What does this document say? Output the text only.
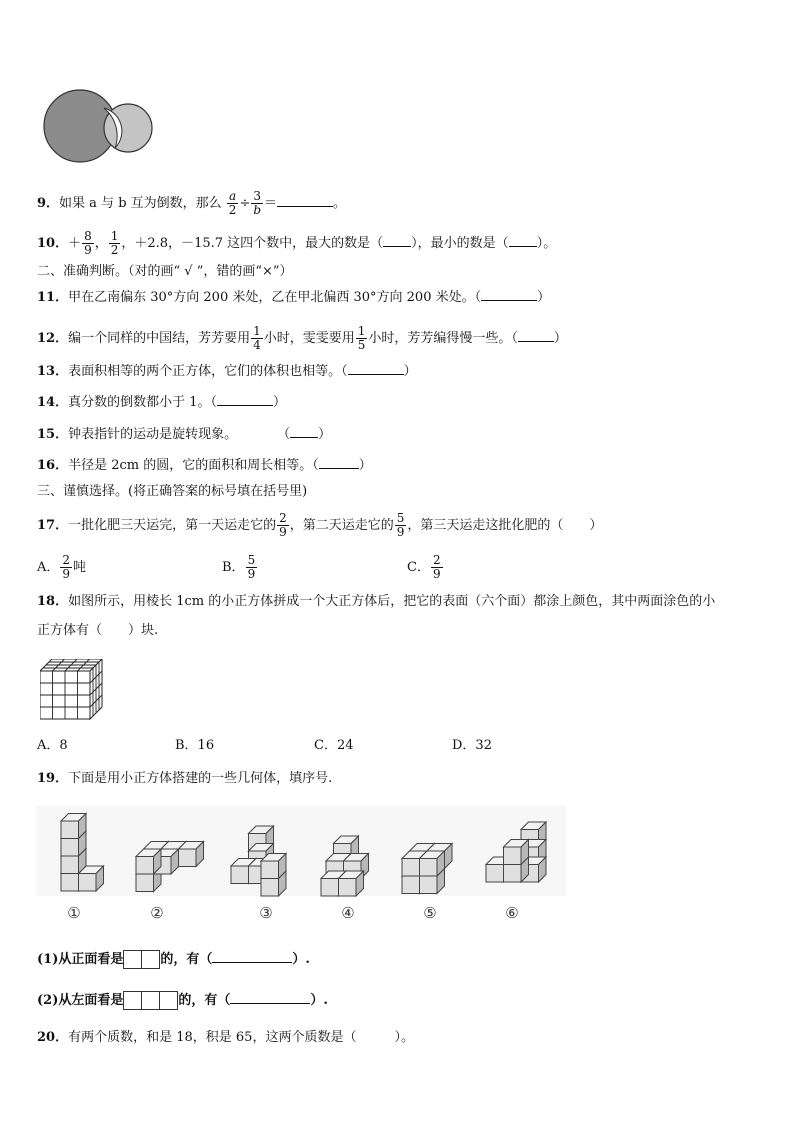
9．如果 a 与 b 互为倒数，那么 $\frac{a}{2} \div \frac{3}{b}$ ＝	。
10．＋ $\frac{8}{9}$ ， $\frac{1}{2}$ ，＋2.8，－15.7 这四个数中，最大的数是（ ），最小的数是（ ）。
二、准确判断。（对的画“ √ ”，错的画“×”）
11．甲在乙南偏东 30°方向 200 米处，乙在甲北偏西 30°方向 200 米处。（	）
12．编一个同样的中国结，芳芳要用 $\frac{1}{4}$ 小时，雯雯要用 $\frac{1}{5}$ 小时，芳芳编得慢一些。（	）
13．表面积相等的两个正方体，它们的体积也相等。（	）
14．真分数的倒数都小于 1。（	）
15．钟表指针的运动是旋转现象。	（ ）
16．半径是 2cm 的圆，它的面积和周长相等。（	）
三、谨慎选择。(将正确答案的标号填在括号里)
17．一批化肥三天运完，第一天运走它的 $\frac{2}{9}$ ，第二天运走它的 $\frac{5}{9}$ ，第三天运走这批化肥的（　　）
A． $\frac{2}{9}$ 吨	B． $\frac{5}{9}$	C． $\frac{2}{9}$
18．如图所示，用棱长 1cm 的小正方体拼成一个大正方体后，把它的表面（六个面）都涂上颜色，其中两面涂色的小
正方体有（　　）块.
A．8	B．16	C．24	D．32
19．下面是用小正方体搭建的一些几何体，填序号.
①	②	③	④	⑤	⑥
(1)从正面看是	的，有（	）.
(2)从左面看是	的，有（	）.
20．有两个质数，和是 18，积是 65，这两个质数是（	）。
